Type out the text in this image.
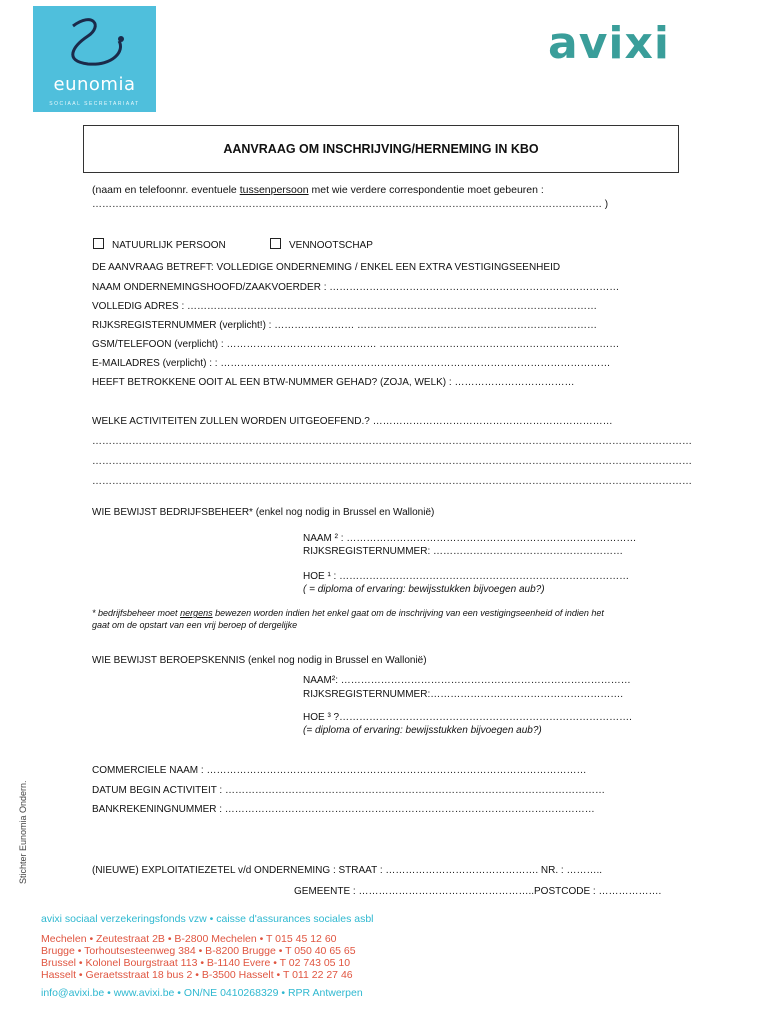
eunomia
SOCIAAL SECRETARIAAT
avixi
AANVRAAG OM INSCHRIJVING/HERNEMING IN KBO
(naam en telefoonnr. eventuele tussenpersoon met wie verdere correspondentie moet gebeuren :
……………………………………………………………………………………………………………………………………… )
NATUURLIJK PERSOON	VENNOOTSCHAP
DE AANVRAAG BETREFT: VOLLEDIGE ONDERNEMING / ENKEL EEN EXTRA VESTIGINGSEENHEID
NAAM ONDERNEMINGSHOOFD/ZAAKVOERDER : ……………………………………………………………………………
VOLLEDIG ADRES : ……………………………………………………………………………………………………………
RIJKSREGISTERNUMMER (verplicht!) : …………………… ………………………………………………………………
GSM/TELEFOON (verplicht) : ……………………………………… ………………………………………………………………
E-MAILADRES (verplicht) : : ………………………………………………………………………………………………………
HEEFT BETROKKENE OOIT AL EEN BTW-NUMMER GEHAD? (ZOJA, WELK) : ………………………………
WELKE ACTIVITEITEN ZULLEN WORDEN UITGEOEFEND.? ………………………………………………………………
………………………………………………………………………………………………………………………………………………………………
………………………………………………………………………………………………………………………………………………………………
………………………………………………………………………………………………………………………………………………………………
WIE BEWIJST BEDRIJFSBEHEER* (enkel nog nodig in Brussel en Wallonië)
NAAM ² : ……………………………………………………………………………
RIJKSREGISTERNUMMER: …………………………………………………
HOE ¹ : ……………………………………………………………………………
( = diploma of ervaring: bewijsstukken bijvoegen aub?)
* bedrijfsbeheer moet nergens bewezen worden indien het enkel gaat om de inschrijving van een vestigingseenheid of indien het
gaat om de opstart van een vrij beroep of dergelijke
WIE BEWIJST BEROEPSKENNIS (enkel nog nodig in Brussel en Wallonië)
NAAM²: ……………………………………………………………………………
RIJKSREGISTERNUMMER:………………………………………………….
HOE ³ ?…………………………………………………………………………….
(= diploma of ervaring: bewijsstukken bijvoegen aub?)
COMMERCIELE NAAM : ……………………………………………………………………………………………………
DATUM BEGIN ACTIVITEIT : ……………………………………………………………………………………………………
BANKREKENINGNUMMER : …………………………………………………………………………………………………
(NIEUWE) EXPLOITATIEZETEL v/d ONDERNEMING : STRAAT : ………………………………………. NR. : ………..
GEMEENTE : ……………………………………………..POSTCODE : ……………….
Stichter Eunomia Ondern.
avixi sociaal verzekeringsfonds vzw • caisse d'assurances sociales asbl
Mechelen • Zeutestraat 2B • B-2800 Mechelen • T 015 45 12 60
Brugge • Torhoutsesteenweg 384 • B-8200 Brugge • T 050 40 65 65
Brussel • Kolonel Bourgstraat 113 • B-1140 Evere • T 02 743 05 10
Hasselt • Geraetsstraat 18 bus 2 • B-3500 Hasselt • T 011 22 27 46
info@avixi.be • www.avixi.be • ON/NE 0410268329 • RPR Antwerpen
